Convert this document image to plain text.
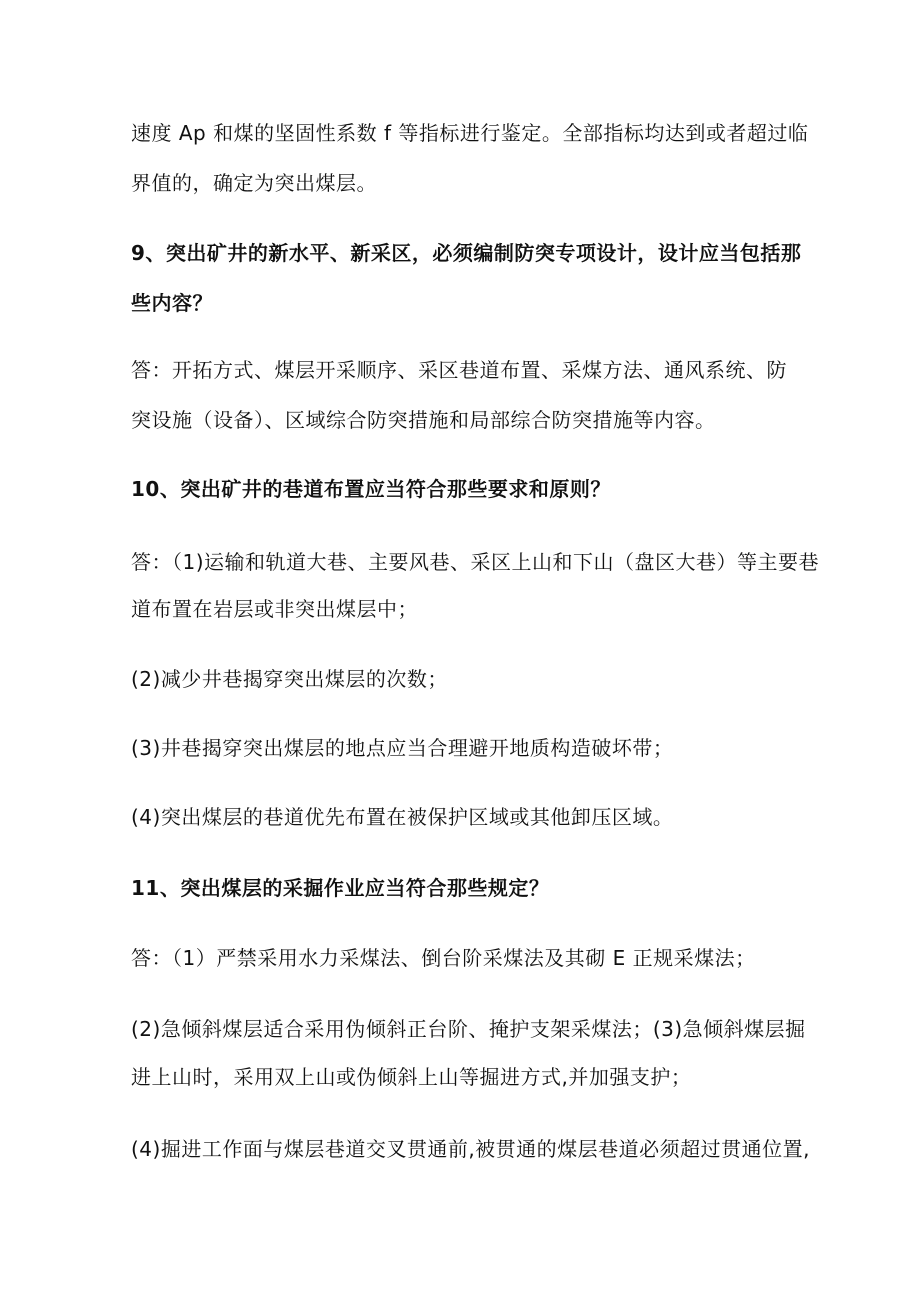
速度 Ap 和煤的坚固性系数 f 等指标进行鉴定。全部指标均达到或者超过临
界值的，确定为突出煤层。
9、突出矿井的新水平、新采区，必须编制防突专项设计，设计应当包括那
些内容？
答：开拓方式、煤层开采顺序、采区巷道布置、采煤方法、通风系统、防
突设施（设备）、区域综合防突措施和局部综合防突措施等内容。
10、突出矿井的巷道布置应当符合那些要求和原则？
答：（1)运输和轨道大巷、主要风巷、采区上山和下山（盘区大巷）等主要巷
道布置在岩层或非突出煤层中；
(2)减少井巷揭穿突出煤层的次数；
(3)井巷揭穿突出煤层的地点应当合理避开地质构造破坏带；
(4)突出煤层的巷道优先布置在被保护区域或其他卸压区域。
11、突出煤层的采掘作业应当符合那些规定？
答：（1）严禁采用水力采煤法、倒台阶采煤法及其砌 E 正规采煤法；
(2)急倾斜煤层适合采用伪倾斜正台阶、掩护支架采煤法；(3)急倾斜煤层掘
进上山时，采用双上山或伪倾斜上山等掘进方式,并加强支护；
(4)掘进工作面与煤层巷道交叉贯通前,被贯通的煤层巷道必须超过贯通位置,
